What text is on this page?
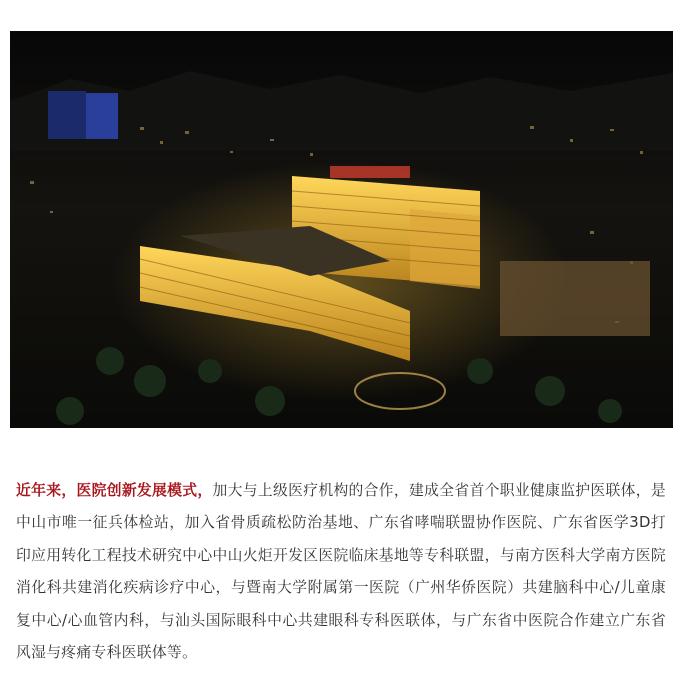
近年来，医院创新发展模式，加大与上级医疗机构的合作，建成全省首个职业健康监护医联体，是中山市唯一征兵体检站，加入省骨质疏松防治基地、广东省哮喘联盟协作医院、广东省医学3D打印应用转化工程技术研究中心中山火炬开发区医院临床基地等专科联盟，与南方医科大学南方医院消化科共建消化疾病诊疗中心，与暨南大学附属第一医院（广州华侨医院）共建脑科中心/儿童康复中心/心血管内科，与汕头国际眼科中心共建眼科专科医联体，与广东省中医院合作建立广东省风湿与疼痛专科医联体等。
